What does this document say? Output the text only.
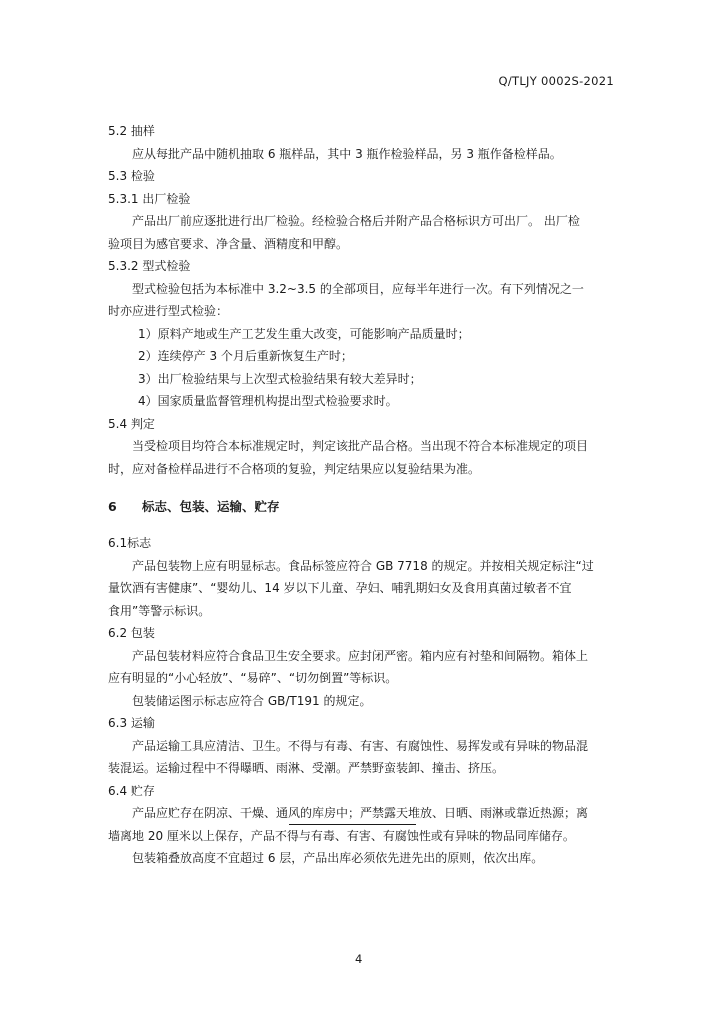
Q/TLJY 0002S-2021
5.2 抽样
应从每批产品中随机抽取 6 瓶样品，其中 3 瓶作检验样品，另 3 瓶作备检样品。
5.3 检验
5.3.1 出厂检验
产品出厂前应逐批进行出厂检验。经检验合格后并附产品合格标识方可出厂。 出厂检
验项目为感官要求、净含量、酒精度和甲醇。
5.3.2 型式检验
型式检验包括为本标准中 3.2~3.5 的全部项目，应每半年进行一次。有下列情况之一
时亦应进行型式检验：
1）原料产地或生产工艺发生重大改变，可能影响产品质量时；
2）连续停产 3 个月后重新恢复生产时；
3）出厂检验结果与上次型式检验结果有较大差异时；
4）国家质量监督管理机构提出型式检验要求时。
5.4 判定
当受检项目均符合本标准规定时，判定该批产品合格。当出现不符合本标准规定的项目
时，应对备检样品进行不合格项的复验，判定结果应以复验结果为准。
6 标志、包装、运输、贮存
6.1标志
产品包装物上应有明显标志。食品标签应符合 GB 7718 的规定。并按相关规定标注“过
量饮酒有害健康”、“婴幼儿、14 岁以下儿童、孕妇、哺乳期妇女及食用真菌过敏者不宜
食用”等警示标识。
6.2 包装
产品包装材料应符合食品卫生安全要求。应封闭严密。箱内应有衬垫和间隔物。箱体上
应有明显的“小心轻放”、“易碎”、“切勿倒置”等标识。
包装储运图示标志应符合 GB/T191 的规定。
6.3 运输
产品运输工具应清洁、卫生。不得与有毒、有害、有腐蚀性、易挥发或有异味的物品混
装混运。运输过程中不得曝晒、雨淋、受潮。严禁野蛮装卸、撞击、挤压。
6.4 贮存
产品应贮存在阴凉、干燥、通风的库房中；严禁露天堆放、日晒、雨淋或靠近热源；离
墙离地 20 厘米以上保存，产品不得与有毒、有害、有腐蚀性或有异味的物品同库储存。
包装箱叠放高度不宜超过 6 层，产品出库必须依先进先出的原则，依次出库。
4
